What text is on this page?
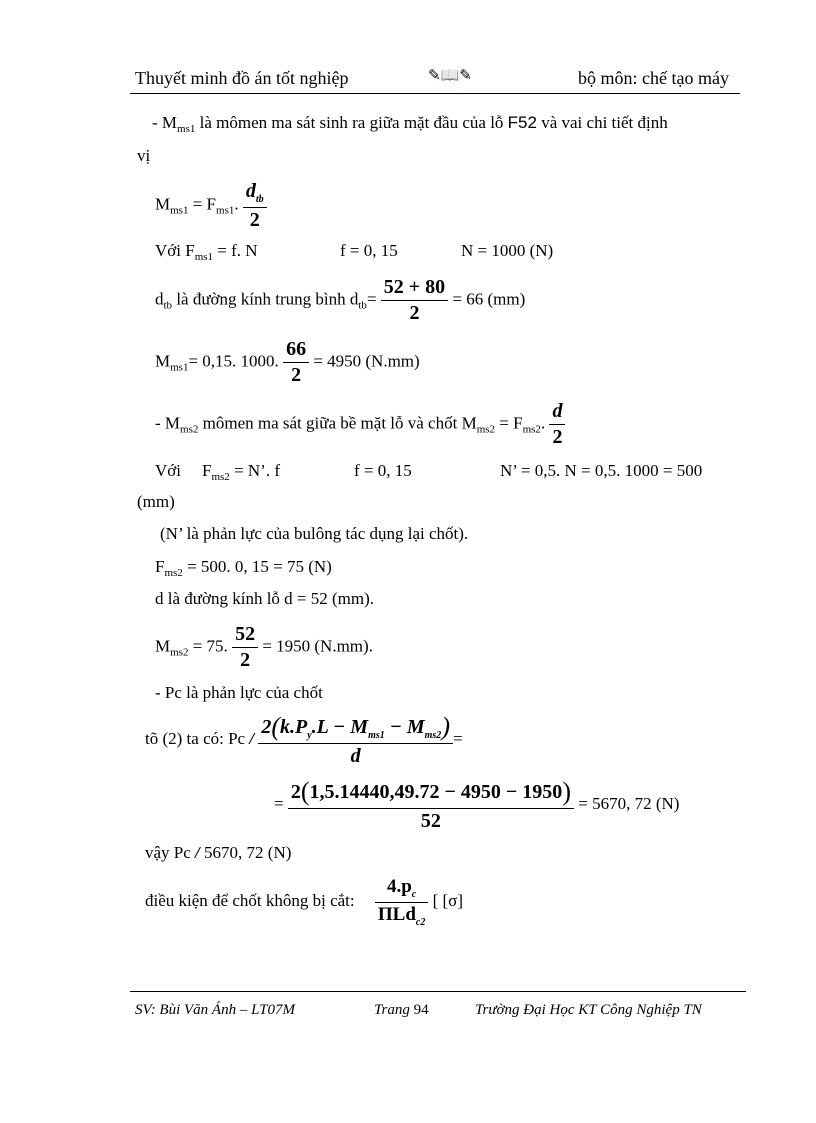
Thuyết minh đồ án tốt nghiệp	✎📖✎	bộ môn: chế tạo máy
- $M_{ms1}$ là mômen ma sát sinh ra giữa mặt đầu của lỗ F52 và vai chi tiết định
vị
$M_{ms1} = F_{ms1}$. $\frac{d_{tb}}{2}$
Với $F_{ms1} = f$. N	f = 0, 15	N = 1000 (N)
$d_{tb}$ là đường kính trung bình $d_{tb}= \frac{52 + 80}{2} = 66$ (mm)
$M_{ms1}= 0,15$. 1000. $\frac{66}{2} = 4950$ (N.mm)
- $M_{ms2}$ mômen ma sát giữa bề mặt lỗ và chốt $M_{ms2} = F_{ms2}$. $\frac{d}{2}$
Với $F_{ms2} = N$’. f	f = 0, 15	N’ = 0,5. N = 0,5. 1000 = 500
(mm)
(N’ là phản lực của bulông tác dụng lại chốt).
$F_{ms2} = 500$. 0, 15 = 75 (N)
d là đường kính lỗ d = 52 (mm).
$M_{ms2} = 75$. $\frac{52}{2} = 1950$ (N.mm).
- Pc là phản lực của chốt
tõ (2) ta có: Pc / $\frac{2(k.P_y.L - M_{ms1} - M_{ms2})}{d}$ =
= $\frac{2(1,5.14440,49.72 - 4950 - 1950)}{52} = 5670$, 72 (N)
vậy Pc / 5670, 72 (N)
điều kiện để chốt không bị cắt: $\frac{4.p_c}{\Pi Ld_{c2}}$ [ [σ]
SV: Bùi Văn Ánh – LT07M	Trang 94	Trường Đại Học KT Công Nghiệp TN
